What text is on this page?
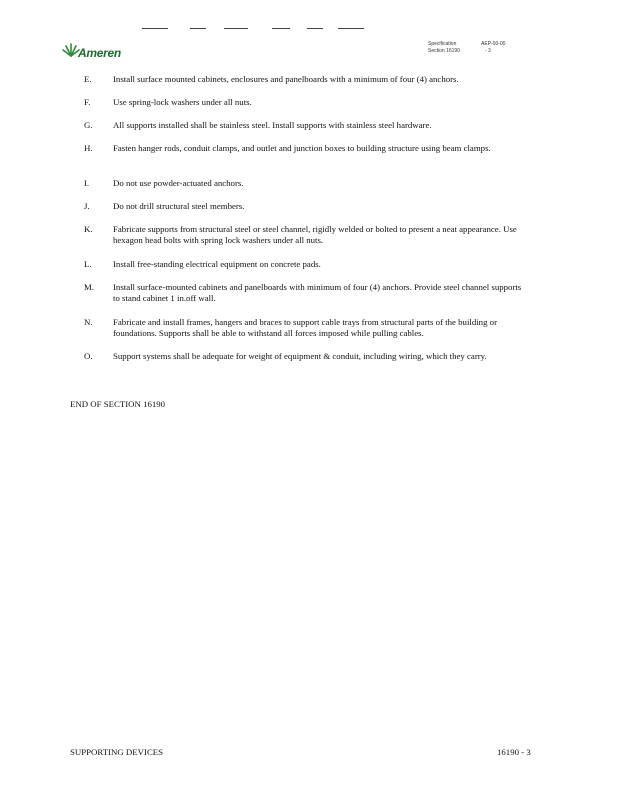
Ameren
Specification
Section 16190
AEP-00-00
- 3
E.	Install surface mounted cabinets, enclosures and panelboards with a minimum of four (4) anchors.
F.	Use spring-lock washers under all nuts.
G.	All supports installed shall be stainless steel. Install supports with stainless steel hardware.
H.	Fasten hanger rods, conduit clamps, and outlet and junction boxes to building structure using beam clamps.
I.	Do not use powder-actuated anchors.
J.	Do not drill structural steel members.
K.	Fabricate supports from structural steel or steel channel, rigidly welded or bolted to present a neat appearance. Use hexagon head bolts with spring lock washers under all nuts.
L.	Install free-standing electrical equipment on concrete pads.
M.	Install surface-mounted cabinets and panelboards with minimum of four (4) anchors. Provide steel channel supports to stand cabinet 1 in.off wall.
N.	Fabricate and install frames, hangers and braces to support cable trays from structural parts of the building or foundations. Supports shall be able to withstand all forces imposed while pulling cables.
O.	Support systems shall be adequate for weight of equipment & conduit, including wiring, which they carry.
END OF SECTION 16190
SUPPORTING DEVICES	16190 - 3
